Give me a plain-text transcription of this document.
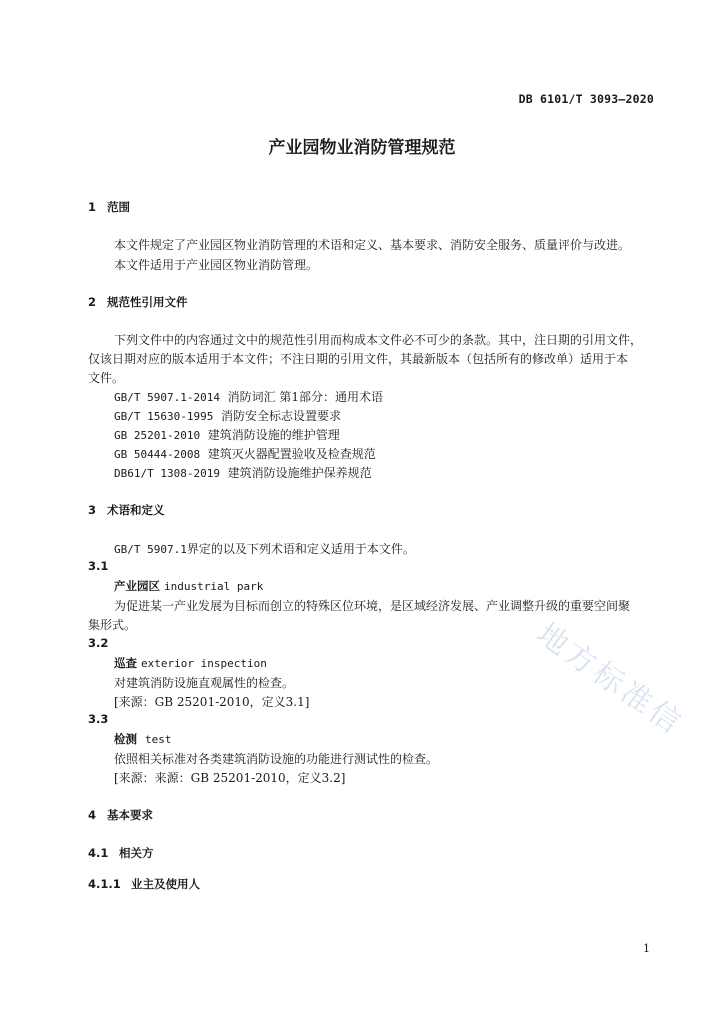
DB 6101/T 3093—2020
产业园物业消防管理规范
1 范围
本文件规定了产业园区物业消防管理的术语和定义、基本要求、消防安全服务、质量评价与改进。
本文件适用于产业园区物业消防管理。
2 规范性引用文件
下列文件中的内容通过文中的规范性引用而构成本文件必不可少的条款。其中，注日期的引用文件，
仅该日期对应的版本适用于本文件；不注日期的引用文件，其最新版本（包括所有的修改单）适用于本
文件。
GB/T 5907.1-2014 消防词汇 第1部分：通用术语
GB/T 15630-1995 消防安全标志设置要求
GB 25201-2010 建筑消防设施的维护管理
GB 50444-2008 建筑灭火器配置验收及检查规范
DB61/T 1308-2019 建筑消防设施维护保养规范
3 术语和定义
GB/T 5907.1界定的以及下列术语和定义适用于本文件。
3.1
产业园区 industrial park
为促进某一产业发展为目标而创立的特殊区位环境，是区域经济发展、产业调整升级的重要空间聚
集形式。
3.2
巡查 exterior inspection
对建筑消防设施直观属性的检查。
[来源：GB 25201-2010，定义3.1]
3.3
检测 test
依照相关标准对各类建筑消防设施的功能进行测试性的检查。
[来源：来源：GB 25201-2010，定义3.2]
4 基本要求
4.1 相关方
4.1.1 业主及使用人
地方标准信
1
